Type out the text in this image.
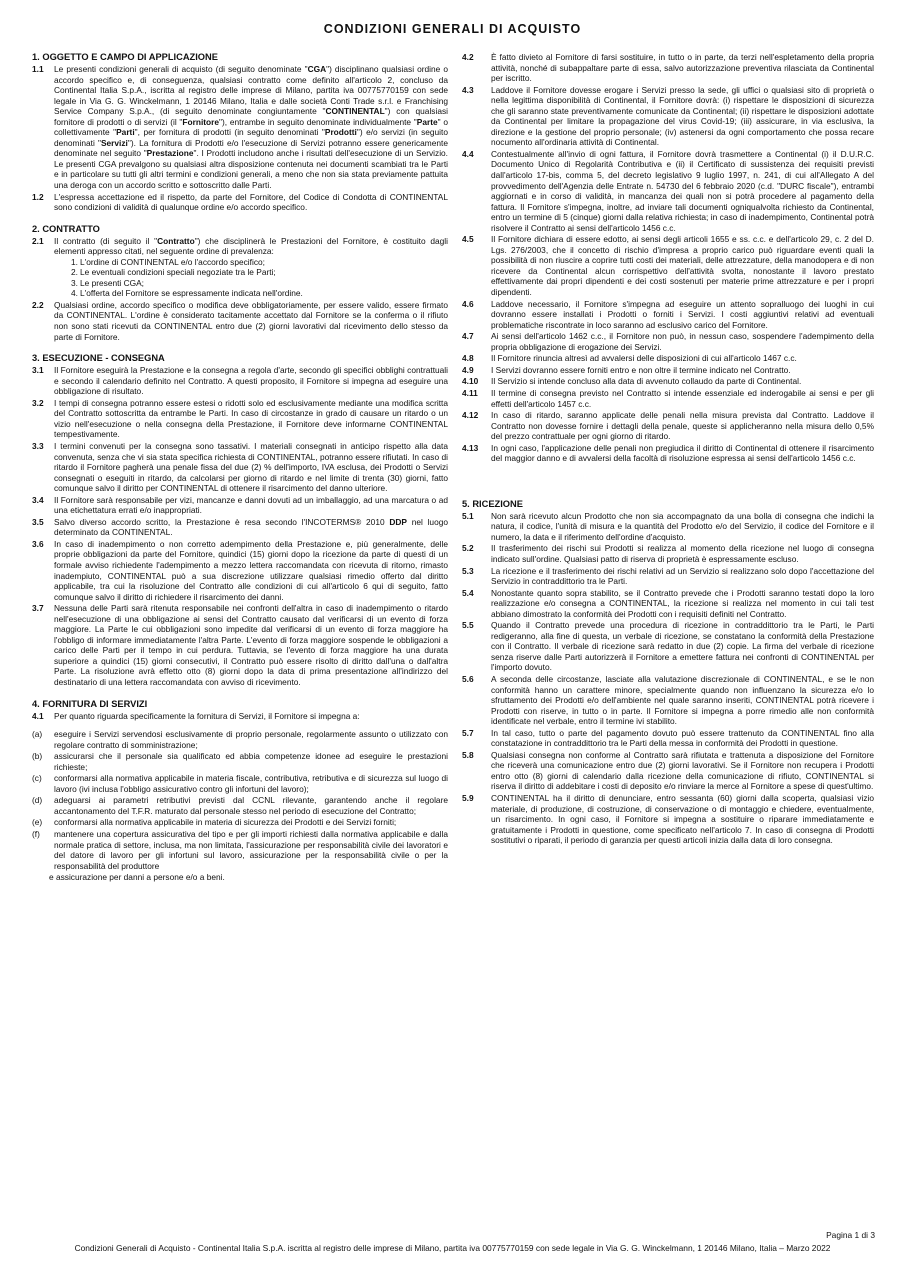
CONDIZIONI GENERALI DI ACQUISTO
1. OGGETTO E CAMPO DI APPLICAZIONE
1.1	Le presenti condizioni generali di acquisto (di seguito denominate "CGA") disciplinano qualsiasi ordine o accordo specifico e, di conseguenza, qualsiasi contratto come definito all'articolo 2, concluso da Continental Italia S.p.A., iscritta al registro delle imprese di Milano, partita iva 00775770159 con sede legale in Via G. G. Winckelmann, 1 20146 Milano, Italia e dalle società Conti Trade s.r.l. e Franchising Service Company S.p.A., (di seguito denominate congiuntamente "CONTINENTAL") con qualsiasi fornitore di prodotti o di servizi (il "Fornitore"), entrambe in seguito denominate individualmente "Parte" o collettivamente "Parti", per fornitura di prodotti (in seguito denominati "Prodotti") e/o servizi (in seguito denominati "Servizi"). La fornitura di Prodotti e/o l'esecuzione di Servizi potranno essere genericamente denominate nel seguito "Prestazione". I Prodotti includono anche i risultati dell'esecuzione di un Servizio. Le presenti CGA prevalgono su qualsiasi altra disposizione contenuta nei documenti scambiati tra le Parti e in particolare su tutti gli altri termini e condizioni generali, a meno che non sia stata previamente pattuita una deroga con un accordo scritto e sottoscritto dalle Parti.
1.2	L'espressa accettazione ed il rispetto, da parte del Fornitore, del Codice di Condotta di CONTINENTAL sono condizioni di validità di qualunque ordine e/o accordo specifico.
2. CONTRATTO
2.1	Il contratto (di seguito il "Contratto") che disciplinerà le Prestazioni del Fornitore, è costituito dagli elementi appresso citati, nel seguente ordine di prevalenza:
1. L'ordine di CONTINENTAL e/o l'accordo specifico;
2. Le eventuali condizioni speciali negoziate tra le Parti;
3. Le presenti CGA;
4. L'offerta del Fornitore se espressamente indicata nell'ordine.
2.2	Qualsiasi ordine, accordo specifico o modifica deve obbligatoriamente, per essere valido, essere firmato da CONTINENTAL. L'ordine è considerato tacitamente accettato dal Fornitore se la conferma o il rifiuto non sono stati ricevuti da CONTINENTAL entro due (2) giorni lavorativi dal ricevimento dello stesso da parte di Fornitore.
3. ESECUZIONE - CONSEGNA
3.1	Il Fornitore eseguirà la Prestazione e la consegna a regola d'arte, secondo gli specifici obblighi contrattuali e secondo il calendario definito nel Contratto. A questi proposito, il Fornitore si impegna ad eseguire una obbligazione di risultato.
3.2	I tempi di consegna potranno essere estesi o ridotti solo ed esclusivamente mediante una modifica scritta del Contratto sottoscritta da entrambe le Parti. In caso di circostanze in grado di causare un ritardo o un vizio nell'esecuzione o nella consegna della Prestazione, il Fornitore deve informarne CONTINENTAL tempestivamente.
3.3	I termini convenuti per la consegna sono tassativi. I materiali consegnati in anticipo rispetto alla data convenuta, senza che vi sia stata specifica richiesta di CONTINENTAL, potranno essere rifiutati. In caso di ritardo il Fornitore pagherà una penale fissa del due (2) % dell'importo, IVA esclusa, dei Prodotti o Servizi consegnati o eseguiti in ritardo, da calcolarsi per giorno di ritardo e nel limite di trenta (30) giorni, fatto comunque salvo il diritto per CONTINENTAL di ottenere il risarcimento del danno ulteriore.
3.4	Il Fornitore sarà responsabile per vizi, mancanze e danni dovuti ad un imballaggio, ad una marcatura o ad una etichettatura errati e/o inappropriati.
3.5	Salvo diverso accordo scritto, la Prestazione è resa secondo l'INCOTERMS® 2010 DDP nel luogo determinato da CONTINENTAL.
3.6	In caso di inadempimento o non corretto adempimento della Prestazione e, più generalmente, delle proprie obbligazioni da parte del Fornitore, quindici (15) giorni dopo la ricezione da parte di questi di un formale avviso richiedente l'adempimento a mezzo lettera raccomandata con ricevuta di ritorno, rimasto inadempiuto, CONTINENTAL può a sua discrezione utilizzare qualsiasi rimedio offerto dal diritto applicabile, tra cui la risoluzione del Contratto alle condizioni di cui all'articolo 6 qui di seguito, fatto comunque salvo il diritto di richiedere il risarcimento dei danni.
3.7	Nessuna delle Parti sarà ritenuta responsabile nei confronti dell'altra in caso di inadempimento o ritardo nell'esecuzione di una obbligazione ai sensi del Contratto causato dal verificarsi di un evento di forza maggiore. La Parte le cui obbligazioni sono impedite dal verificarsi di un evento di forza maggiore ha l'obbligo di informare immediatamente l'altra Parte. L'evento di forza maggiore sospende le obbligazioni a carico delle Parti per il tempo in cui perdura. Tuttavia, se l'evento di forza maggiore ha una durata superiore a quindici (15) giorni consecutivi, il Contratto può essere risolto di diritto dall'una o dall'altra Parte. La risoluzione avrà effetto otto (8) giorni dopo la data di prima presentazione all'indirizzo del destinatario di una lettera raccomandata con avviso di ricevimento.
4. FORNITURA DI SERVIZI
4.1	Per quanto riguarda specificamente la fornitura di Servizi, il Fornitore si impegna a:
(a)	eseguire i Servizi servendosi esclusivamente di proprio personale, regolarmente assunto o utilizzato con regolare contratto di somministrazione;
(b)	assicurarsi che il personale sia qualificato ed abbia competenze idonee ad eseguire le prestazioni richieste;
(c)	conformarsi alla normativa applicabile in materia fiscale, contributiva, retributiva e di sicurezza sul luogo di lavoro (ivi inclusa l'obbligo assicurativo contro gli infortuni del lavoro);
(d)	adeguarsi ai parametri retributivi previsti dal CCNL rilevante, garantendo anche il regolare accantonamento del T.F.R. maturato dal personale stesso nel periodo di esecuzione del Contratto;
(e)	conformarsi alla normativa applicabile in materia di sicurezza dei Prodotti e dei Servizi forniti;
(f)	mantenere una copertura assicurativa del tipo e per gli importi richiesti dalla normativa applicabile e dalla normale pratica di settore, inclusa, ma non limitata, l'assicurazione per responsabilità civile dei lavoratori e del datore di lavoro per gli infortuni sul lavoro, assicurazione per la responsabilità civile o per la responsabilità del produttore
e assicurazione per danni a persone e/o a beni.
4.2	È fatto divieto al Fornitore di farsi sostituire, in tutto o in parte, da terzi nell'espletamento della propria attività, nonché di subappaltare parte di essa, salvo autorizzazione preventiva rilasciata da Continental per iscritto.
4.3	Laddove il Fornitore dovesse erogare i Servizi presso la sede, gli uffici o qualsiasi sito di proprietà o nella legittima disponibilità di Continental, il Fornitore dovrà: (i) rispettare le disposizioni di sicurezza che gli saranno state preventivamente comunicate da Continental; (ii) rispettare le disposizioni adottate da Continental per limitare la propagazione del virus Covid-19; (iii) assicurare, in via esclusiva, la direzione e la gestione del proprio personale; (iv) astenersi da ogni comportamento che possa recare nocumento all'ordinaria attività di Continental.
4.4	Contestualmente all'invio di ogni fattura, il Fornitore dovrà trasmettere a Continental (i) il D.U.R.C. Documento Unico di Regolarità Contributiva e (ii) il Certificato di sussistenza dei requisiti previsti dall'articolo 17-bis, comma 5, del decreto legislativo 9 luglio 1997, n. 241, di cui all'Allegato A del provvedimento dell'Agenzia delle Entrate n. 54730 del 6 febbraio 2020 (c.d. "DURC fiscale"), entrambi aggiornati e in corso di validità, in mancanza dei quali non si potrà procedere al pagamento della fattura. Il Fornitore s'impegna, inoltre, ad inviare tali documenti ogniqualvolta richiesto da Continental, entro un termine di 5 (cinque) giorni dalla relativa richiesta; in caso di inadempimento, Continental potrà risolvere il Contratto ai sensi dell'articolo 1456 c.c.
4.5	Il Fornitore dichiara di essere edotto, ai sensi degli articoli 1655 e ss. c.c. e dell'articolo 29, c. 2 del D. Lgs. 276/2003, che il concetto di rischio d'impresa a proprio carico può riguardare eventi quali la possibilità di non riuscire a coprire tutti costi dei materiali, delle attrezzature, della manodopera e di non ricevere da Continental alcun corrispettivo dell'attività svolta, nonostante il lavoro prestato effettivamente dai propri dipendenti e dei costi sostenuti per materie prime attrezzature e per i propri dipendenti.
4.6	Laddove necessario, il Fornitore s'impegna ad eseguire un attento sopralluogo dei luoghi in cui dovranno essere installati i Prodotti o forniti i Servizi. I costi aggiuntivi relativi ad eventuali problematiche riscontrate in loco saranno ad esclusivo carico del Fornitore.
4.7	Ai sensi dell'articolo 1462 c.c., il Fornitore non può, in nessun caso, sospendere l'adempimento della propria obbligazione di erogazione dei Servizi.
4.8	Il Fornitore rinuncia altresì ad avvalersi delle disposizioni di cui all'articolo 1467 c.c.
4.9	I Servizi dovranno essere forniti entro e non oltre il termine indicato nel Contratto.
4.10	Il Servizio si intende concluso alla data di avvenuto collaudo da parte di Continental.
4.11	Il termine di consegna previsto nel Contratto si intende essenziale ed inderogabile ai sensi e per gli effetti dell'articolo 1457 c.c.
4.12	In caso di ritardo, saranno applicate delle penali nella misura prevista dal Contratto. Laddove il Contratto non dovesse fornire i dettagli della penale, queste si applicheranno nella misura dello 0,5% del prezzo contrattuale per ogni giorno di ritardo.
4.13	In ogni caso, l'applicazione delle penali non pregiudica il diritto di Continental di ottenere il risarcimento del maggior danno e di avvalersi della facoltà di risoluzione espressa ai sensi dell'articolo 1456 c.c.
5. RICEZIONE
5.1	Non sarà ricevuto alcun Prodotto che non sia accompagnato da una bolla di consegna che indichi la natura, il codice, l'unità di misura e la quantità del Prodotto e/o del Servizio, il codice del Fornitore e il numero, la data e il riferimento dell'ordine d'acquisto.
5.2	Il trasferimento dei rischi sui Prodotti si realizza al momento della ricezione nel luogo di consegna indicato sull'ordine. Qualsiasi patto di riserva di proprietà è espressamente escluso.
5.3	La ricezione e il trasferimento dei rischi relativi ad un Servizio si realizzano solo dopo l'accettazione del Servizio in contraddittorio tra le Parti.
5.4	Nonostante quanto sopra stabilito, se il Contratto prevede che i Prodotti saranno testati dopo la loro realizzazione e/o consegna a CONTINENTAL, la ricezione si realizza nel momento in cui tali test abbiano dimostrato la conformità dei Prodotti con i requisiti definiti nel Contratto.
5.5	Quando il Contratto prevede una procedura di ricezione in contraddittorio tra le Parti, le Parti redigeranno, alla fine di questa, un verbale di ricezione, se constatano la conformità della Prestazione con il Contratto. Il verbale di ricezione sarà redatto in due (2) copie. La firma del verbale di ricezione senza riserve dalle Parti autorizzerà il Fornitore a emettere fattura nei confronti di CONTINENTAL per l'importo dovuto.
5.6	A seconda delle circostanze, lasciate alla valutazione discrezionale di CONTINENTAL, e se le non conformità hanno un carattere minore, specialmente quando non influenzano la sicurezza e/o lo sfruttamento dei Prodotti e/o dell'ambiente nel quale saranno inseriti, CONTINENTAL potrà ricevere i Prodotti con riserve, in tutto o in parte. Il Fornitore si impegna a porre rimedio alle non conformità identificate nel verbale, entro il termine ivi stabilito.
5.7	In tal caso, tutto o parte del pagamento dovuto può essere trattenuto da CONTINENTAL fino alla constatazione in contraddittorio tra le Parti della messa in conformità dei Prodotti in questione.
5.8	Qualsiasi consegna non conforme al Contratto sarà rifiutata e trattenuta a disposizione del Fornitore che riceverà una comunicazione entro due (2) giorni lavorativi. Se il Fornitore non recupera i Prodotti entro otto (8) giorni di calendario dalla ricezione della comunicazione di rifiuto, CONTINENTAL si riserva il diritto di addebitare i costi di deposito e/o rinviare la merce al Fornitore a spese di quest'ultimo.
5.9	CONTINENTAL ha il diritto di denunciare, entro sessanta (60) giorni dalla scoperta, qualsiasi vizio materiale, di produzione, di costruzione, di conservazione o di montaggio e chiedere, eventualmente, un risarcimento. In ogni caso, il Fornitore si impegna a sostituire o riparare immediatamente e gratuitamente i Prodotti in questione, come specificato nell'articolo 7. In caso di consegna di Prodotti sostitutivi o riparati, il periodo di garanzia per questi articoli inizia dalla data di loro consegna.
Pagina 1 di 3
Condizioni Generali di Acquisto - Continental Italia S.p.A. iscritta al registro delle imprese di Milano, partita iva 00775770159 con sede legale in Via G. G. Winckelmann, 1 20146 Milano, Italia – Marzo 2022
